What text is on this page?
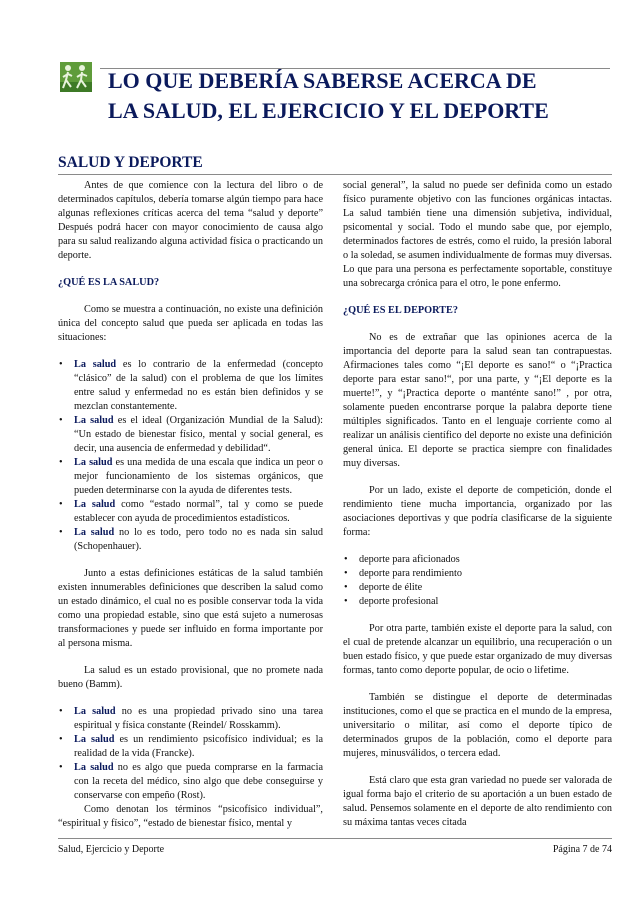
LO QUE DEBERÍA SABERSE ACERCA DE
LA SALUD, EL EJERCICIO Y EL DEPORTE
SALUD Y DEPORTE

Antes de que comience con la lectura del libro o de determinados capítulos, debería tomarse algún tiempo para hace algunas reflexiones críticas acerca del tema “salud y deporte” Después podrá hacer con mayor conocimiento de causa algo para su salud realizando alguna actividad física o practicando un deporte.

¿QUÉ ES LA SALUD?

Como se muestra a continuación, no existe una definición única del concepto salud que pueda ser aplicada en todas las situaciones:

• La salud es lo contrario de la enfermedad (concepto “clásico” de la salud) con el problema de que los límites entre salud y enfermedad no es están bien definidos y se mezclan constantemente.
• La salud es el ideal (Organización Mundial de la Salud): “Un estado de bienestar físico, mental y social general, es decir, una ausencia de enfermedad y debilidad“.
• La salud es una medida de una escala que indica un peor o mejor funcionamiento de los sistemas orgánicos, que pueden determinarse con la ayuda de diferentes tests.
• La salud como “estado normal”, tal y como se puede establecer con ayuda de procedimientos estadísticos.
• La salud no lo es todo, pero todo no es nada sin salud (Schopenhauer).

Junto a estas definiciones estáticas de la salud también existen innumerables definiciones que describen la salud como un estado dinámico, el cual no es posible conservar toda la vida como una propiedad estable, sino que está sujeto a numerosas transformaciones y puede ser influido en forma importante por al persona misma.

La salud es un estado provisional, que no promete nada bueno (Bamm).

• La salud no es una propiedad privado sino una tarea espiritual y física constante (Reindel/ Rosskamm).
• La salud es un rendimiento psicofísico individual; es la realidad de la vida (Francke).
• La salud no es algo que pueda comprarse en la farmacia con la receta del médico, sino algo que debe conseguirse y conservarse con empeño (Rost).

Como denotan los términos “psicofísico individual”, “espiritual y físico”, “estado de bienestar físico, mental y

social general”, la salud no puede ser definida como un estado físico puramente objetivo con las funciones orgánicas intactas. La salud también tiene una dimensión subjetiva, individual, psicomental y social. Todo el mundo sabe que, por ejemplo, determinados factores de estrés, como el ruido, la presión laboral o la soledad, se asumen individualmente de formas muy diversas. Lo que para una persona es perfectamente soportable, constituye una sobrecarga crónica para el otro, le pone enfermo.

¿QUÉ ES EL DEPORTE?

No es de extrañar que las opiniones acerca de la importancia del deporte para la salud sean tan contrapuestas. Afirmaciones tales como “¡El deporte es sano!“ o “¡Practica deporte para estar sano!“, por una parte, y “¡El deporte es la muerte!”, y “¡Practica deporte o manténte sano!” , por otra, solamente pueden encontrarse porque la palabra deporte tiene múltiples significados. Tanto en el lenguaje corriente como al realizar un análisis científico del deporte no existe una definición general única. El deporte se practica siempre con finalidades muy diversas.

Por un lado, existe el deporte de competición, donde el rendimiento tiene mucha importancia, organizado por las asociaciones deportivas y que podría clasificarse de la siguiente forma:

• deporte para aficionados
• deporte para rendimiento
• deporte de élite
• deporte profesional

Por otra parte, también existe el deporte para la salud, con el cual de pretende alcanzar un equilibrio, una recuperación o un buen estado físico, y que puede estar organizado de muy diversas formas, tanto como deporte popular, de ocio o lifetime.

También se distingue el deporte de determinadas instituciones, como el que se practica en el mundo de la empresa, universitario o militar, así como el deporte típico de determinados grupos de la población, como el deporte para mujeres, minusválidos, o tercera edad.

Está claro que esta gran variedad no puede ser valorada de igual forma bajo el criterio de su aportación a un buen estado de salud. Pensemos solamente en el deporte de alto rendimiento con su máxima tantas veces citada

Salud, Ejercicio y Deporte	Página 7 de 74
